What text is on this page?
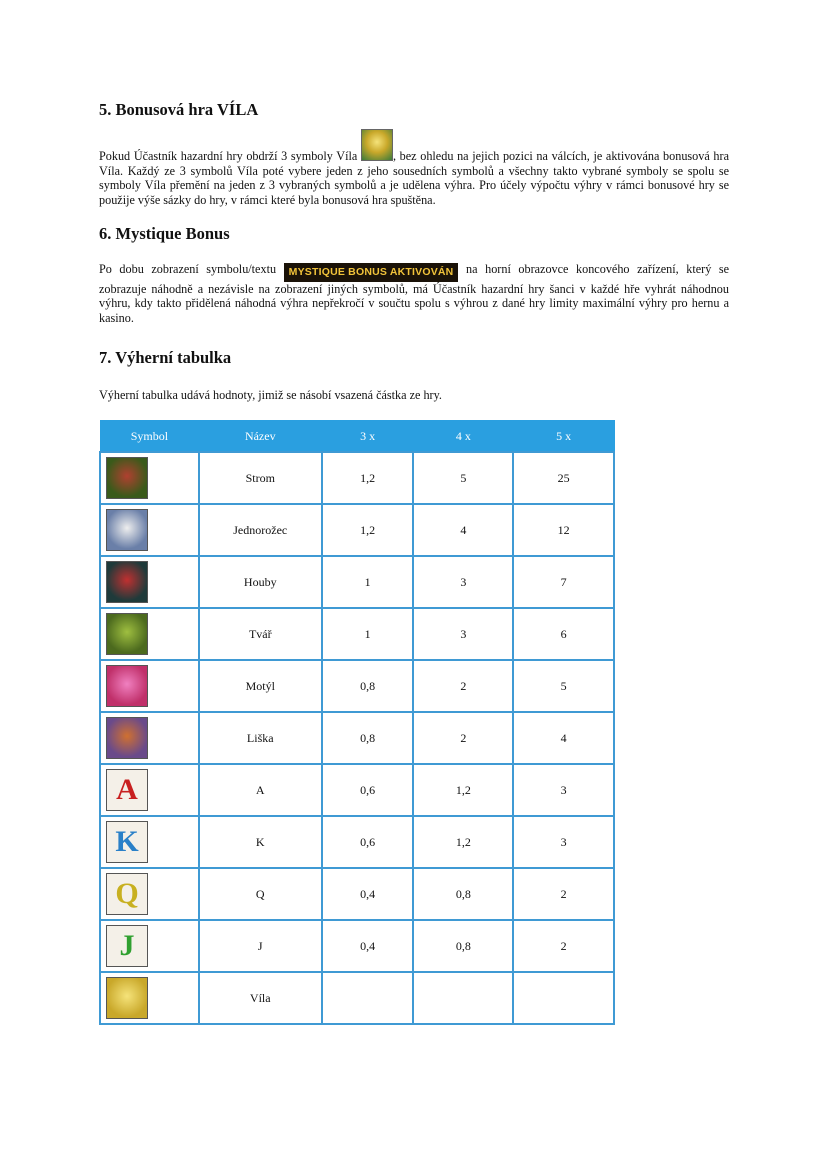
5. Bonusová hra VÍLA

Pokud Účastník hazardní hry obdrží 3 symboly Víla	, bez ohledu na jejich pozici na válcích, je aktivována bonusová hra Víla. Každý ze 3 symbolů Víla poté vybere jeden z jeho sousedních symbolů a všechny takto vybrané symboly se spolu se symboly Víla přemění na jeden z 3 vybraných symbolů a je udělena výhra. Pro účely výpočtu výhry v rámci bonusové hry se použije výše sázky do hry, v rámci které byla bonusová hra spuštěna.

6. Mystique Bonus

Po dobu zobrazení symbolu/textu MYSTIQUE BONUS AKTIVOVÁN na horní obrazovce koncového zařízení, který se zobrazuje náhodně a nezávisle na zobrazení jiných symbolů, má Účastník hazardní hry šanci v každé hře vyhrát náhodnou výhru, kdy takto přidělená náhodná výhra nepřekročí v součtu spolu s výhrou z dané hry limity maximální výhry pro hernu a kasino.

7. Výherní tabulka

Výherní tabulka udává hodnoty, jimiž se násobí vsazená částka ze hry.

Symbol	Název	3 x	4 x	5 x
	Strom	1,2	5	25
	Jednorožec	1,2	4	12
	Houby	1	3	7
	Tvář	1	3	6
	Motýl	0,8	2	5
	Liška	0,8	2	4
A	A	0,6	1,2	3
K	K	0,6	1,2	3
Q	Q	0,4	0,8	2
J	J	0,4	0,8	2
	Víla			
